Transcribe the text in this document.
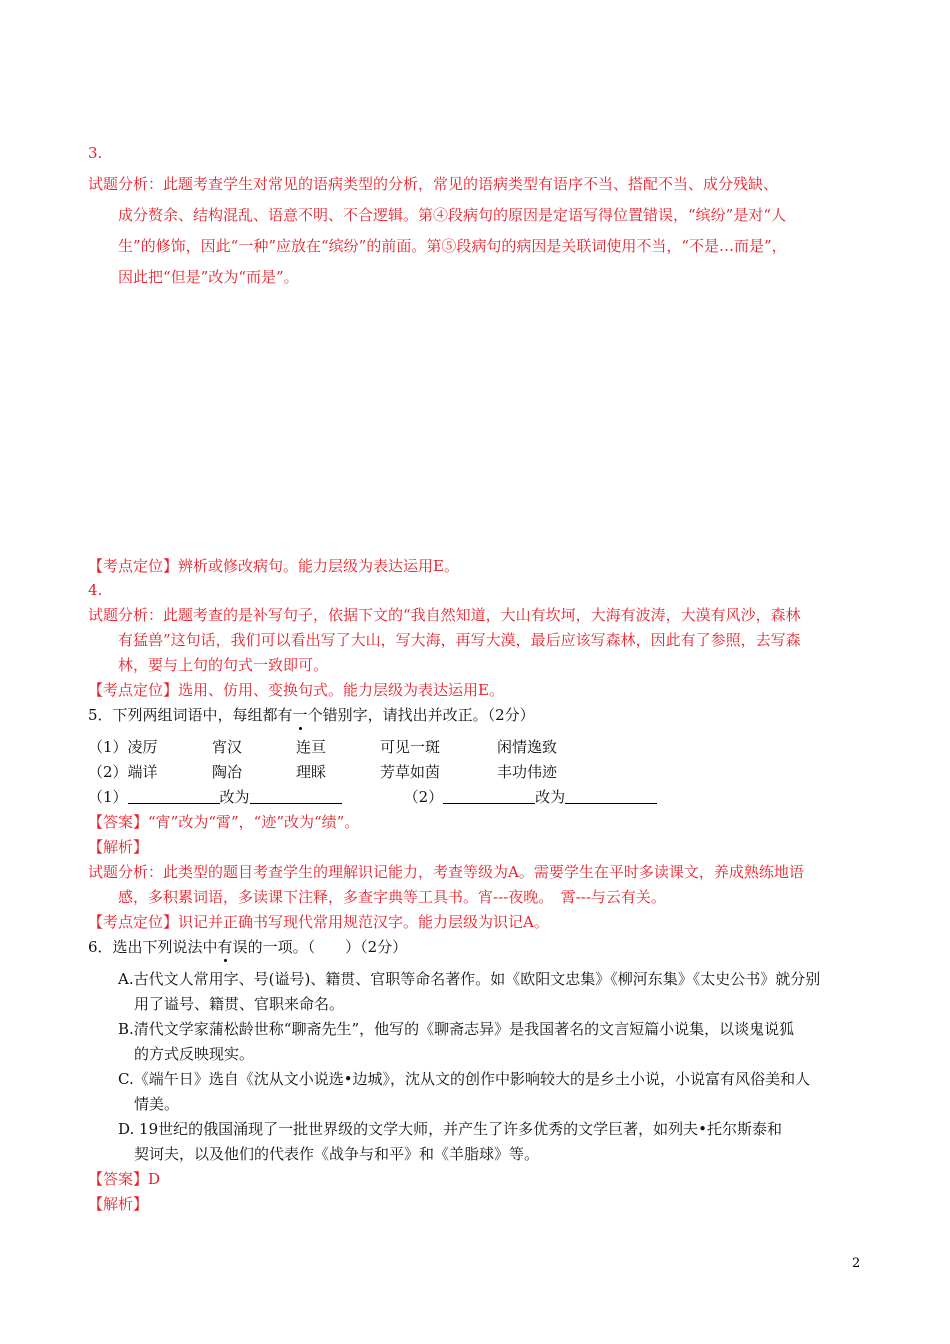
3.
试题分析：此题考查学生对常见的语病类型的分析，常见的语病类型有语序不当、搭配不当、成分残缺、
成分赘余、结构混乱、语意不明、不合逻辑。第④段病句的原因是定语写得位置错误，“缤纷”是对“人
生”的修饰，因此“一种”应放在“缤纷”的前面。第⑤段病句的病因是关联词使用不当，“不是…而是”，
因此把“但是”改为“而是”。
【考点定位】辨析或修改病句。能力层级为表达运用E。
4.
试题分析：此题考查的是补写句子，依据下文的“我自然知道，大山有坎坷，大海有波涛，大漠有风沙，森林
有猛兽”这句话，我们可以看出写了大山，写大海，再写大漠，最后应该写森林，因此有了参照，去写森
林，要与上句的句式一致即可。
【考点定位】选用、仿用、变换句式。能力层级为表达运用E。
5．下列两组词语中，每组都有一个错别字，请找出并改正。（2分）
（1）凌厉	宵汉	连亘	可见一斑	闲情逸致
（2）端详	陶冶	理睬	芳草如茵	丰功伟迹
（1）	改为	（2）	改为
【答案】“宵”改为“霄”，“迹”改为“绩”。
【解析】
试题分析：此类型的题目考查学生的理解识记能力，考查等级为A。需要学生在平时多读课文，养成熟练地语
感，多积累词语，多读课下注释，多查字典等工具书。宵---夜晚。　霄---与云有关。
【考点定位】识记并正确书写现代常用规范汉字。能力层级为识记A。
6．选出下列说法中有误的一项。（　　）（2分）
A.古代文人常用字、号(谥号)、籍贯、官职等命名著作。如《欧阳文忠集》《柳河东集》《太史公书》就分别
用了谥号、籍贯、官职来命名。
B.清代文学家蒲松龄世称“聊斋先生”，他写的《聊斋志异》是我国著名的文言短篇小说集，以谈鬼说狐
的方式反映现实。
C.《端午日》选自《沈从文小说选•边城》，沈从文的创作中影响较大的是乡土小说，小说富有风俗美和人
情美。
D. 19世纪的俄国涌现了一批世界级的文学大师，并产生了许多优秀的文学巨著，如列夫•托尔斯泰和
契诃夫，以及他们的代表作《战争与和平》和《羊脂球》等。
【答案】D
【解析】
2
